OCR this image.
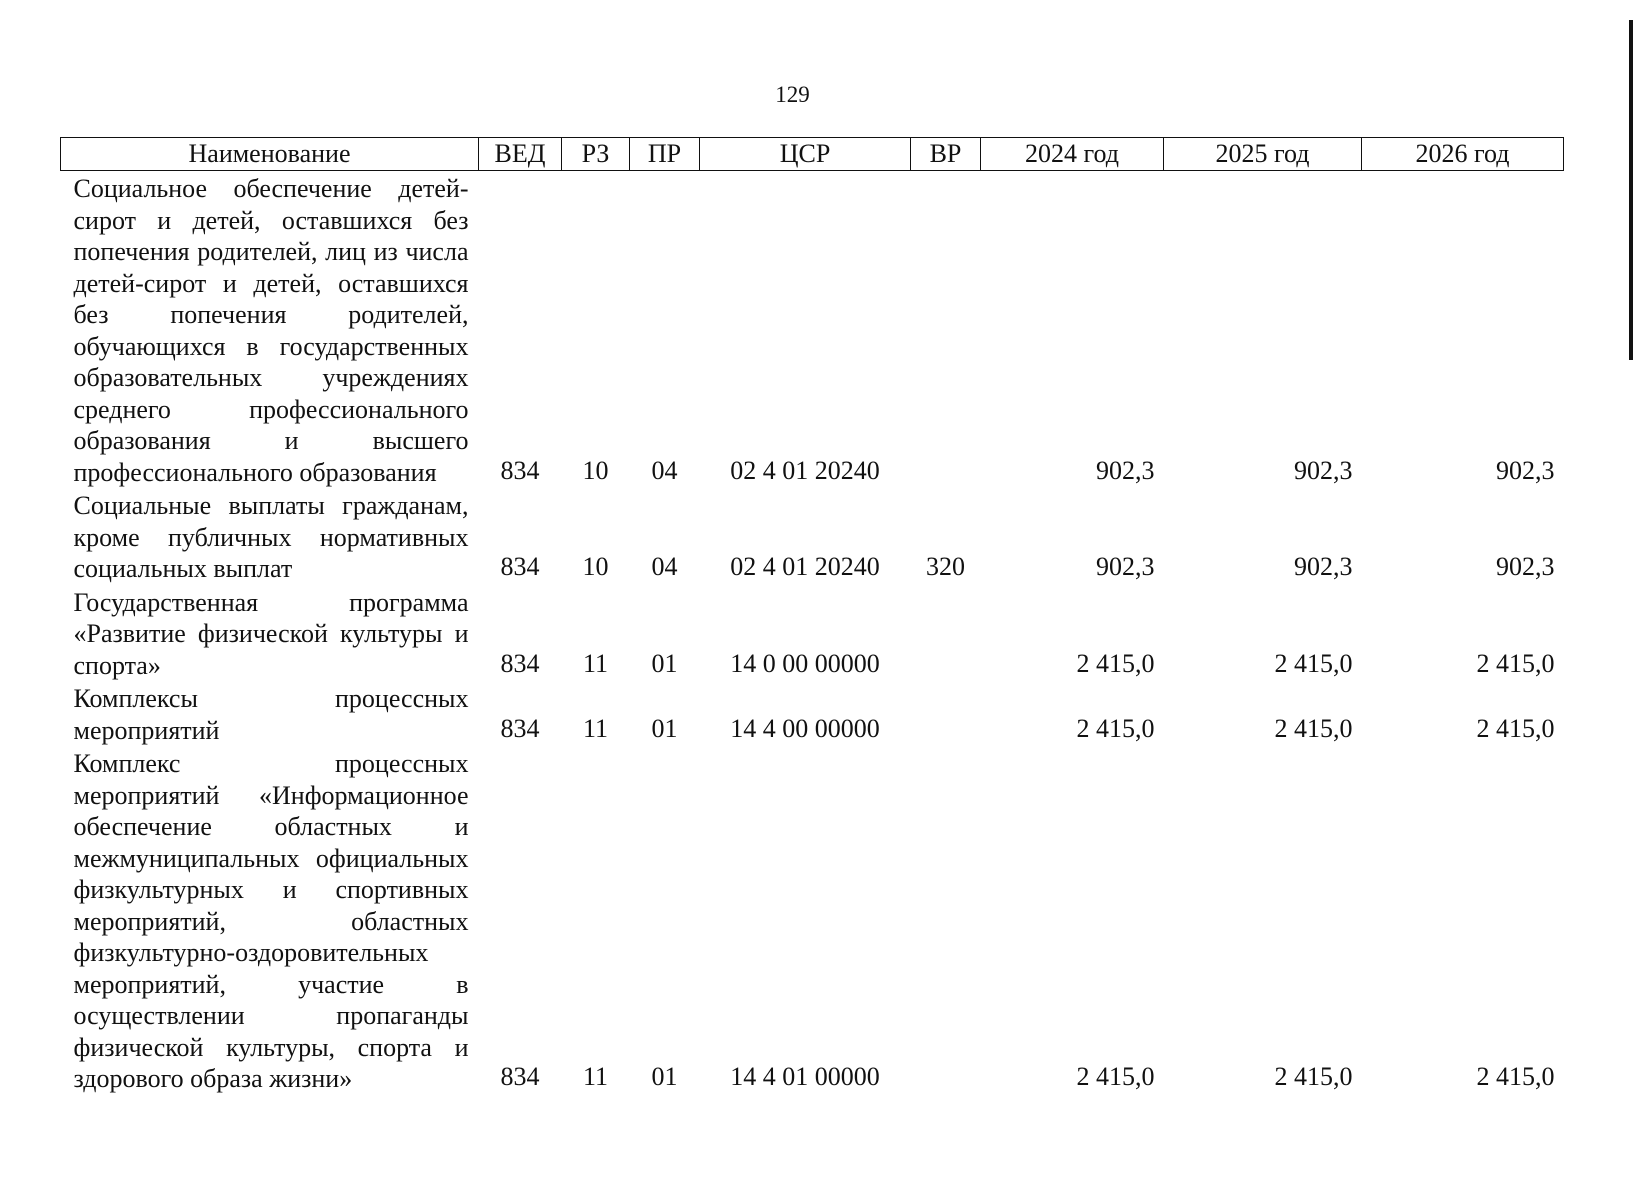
129
Наименование	ВЕД	РЗ	ПР	ЦСР	ВР	2024 год	2025 год	2026 год
Социальное обеспечение детей-сирот и детей, оставшихся без попечения родителей, лиц из числа детей-сирот и детей, оставшихся без попечения родителей, обучающихся в государственных образовательных учреждениях среднего профессионального образования и высшего профессионального образования	834	10	04	02 4 01 20240		902,3	902,3	902,3
Социальные выплаты гражданам, кроме публичных нормативных социальных выплат	834	10	04	02 4 01 20240	320	902,3	902,3	902,3
Государственная программа «Развитие физической культуры и спорта»	834	11	01	14 0 00 00000		2 415,0	2 415,0	2 415,0
Комплексы процессных мероприятий	834	11	01	14 4 00 00000		2 415,0	2 415,0	2 415,0
Комплекс процессных мероприятий «Информационное обеспечение областных и межмуниципальных официальных физкультурных и спортивных мероприятий, областных физкультурно-оздоровительных мероприятий, участие в осуществлении пропаганды физической культуры, спорта и здорового образа жизни»	834	11	01	14 4 01 00000		2 415,0	2 415,0	2 415,0
